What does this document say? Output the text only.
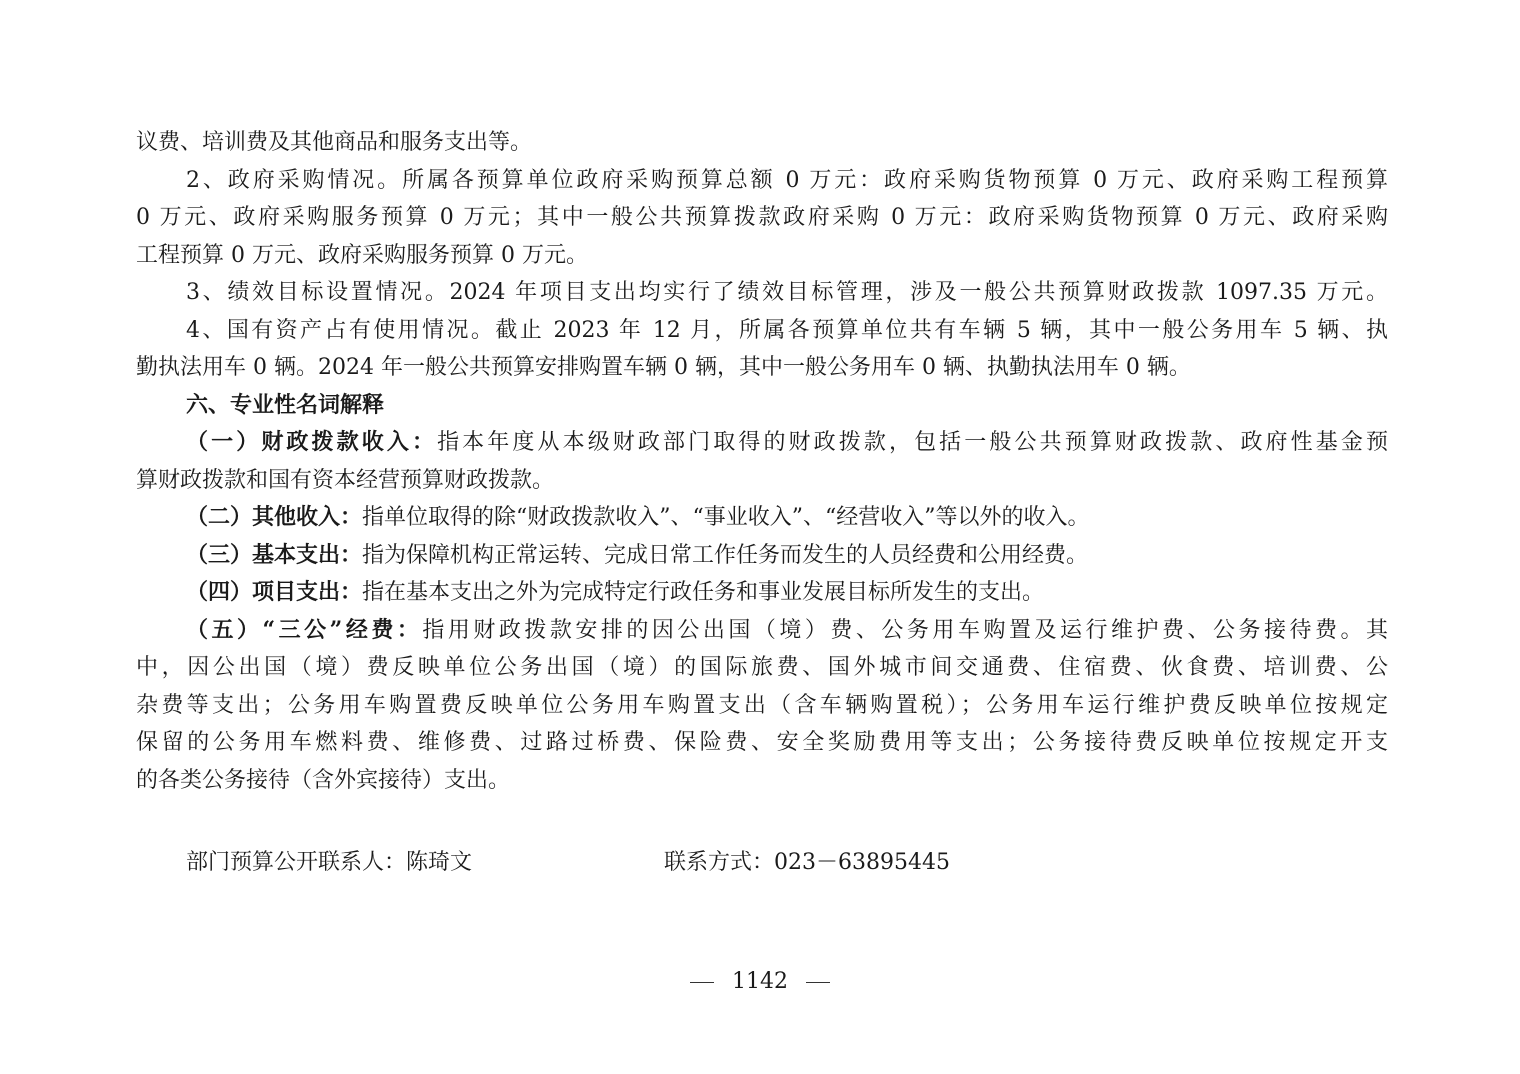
议费、培训费及其他商品和服务支出等。
2、政府采购情况。所属各预算单位政府采购预算总额 0 万元：政府采购货物预算 0 万元、政府采购工程预算
0 万元、政府采购服务预算 0 万元；其中一般公共预算拨款政府采购 0 万元：政府采购货物预算 0 万元、政府采购
工程预算 0 万元、政府采购服务预算 0 万元。
3、绩效目标设置情况。2024 年项目支出均实行了绩效目标管理，涉及一般公共预算财政拨款 1097.35 万元。
4、国有资产占有使用情况。截止 2023 年 12 月，所属各预算单位共有车辆 5 辆，其中一般公务用车 5 辆、执
勤执法用车 0 辆。2024 年一般公共预算安排购置车辆 0 辆，其中一般公务用车 0 辆、执勤执法用车 0 辆。
六、专业性名词解释
（一）财政拨款收入：指本年度从本级财政部门取得的财政拨款，包括一般公共预算财政拨款、政府性基金预
算财政拨款和国有资本经营预算财政拨款。
（二）其他收入：指单位取得的除“财政拨款收入”、“事业收入”、“经营收入”等以外的收入。
（三）基本支出：指为保障机构正常运转、完成日常工作任务而发生的人员经费和公用经费。
（四）项目支出：指在基本支出之外为完成特定行政任务和事业发展目标所发生的支出。
（五）“三公”经费：指用财政拨款安排的因公出国（境）费、公务用车购置及运行维护费、公务接待费。其
中，因公出国（境）费反映单位公务出国（境）的国际旅费、国外城市间交通费、住宿费、伙食费、培训费、公
杂费等支出；公务用车购置费反映单位公务用车购置支出（含车辆购置税）；公务用车运行维护费反映单位按规定
保留的公务用车燃料费、维修费、过路过桥费、保险费、安全奖励费用等支出；公务接待费反映单位按规定开支
的各类公务接待（含外宾接待）支出。
部门预算公开联系人：陈琦文	联系方式：023－63895445
1142
